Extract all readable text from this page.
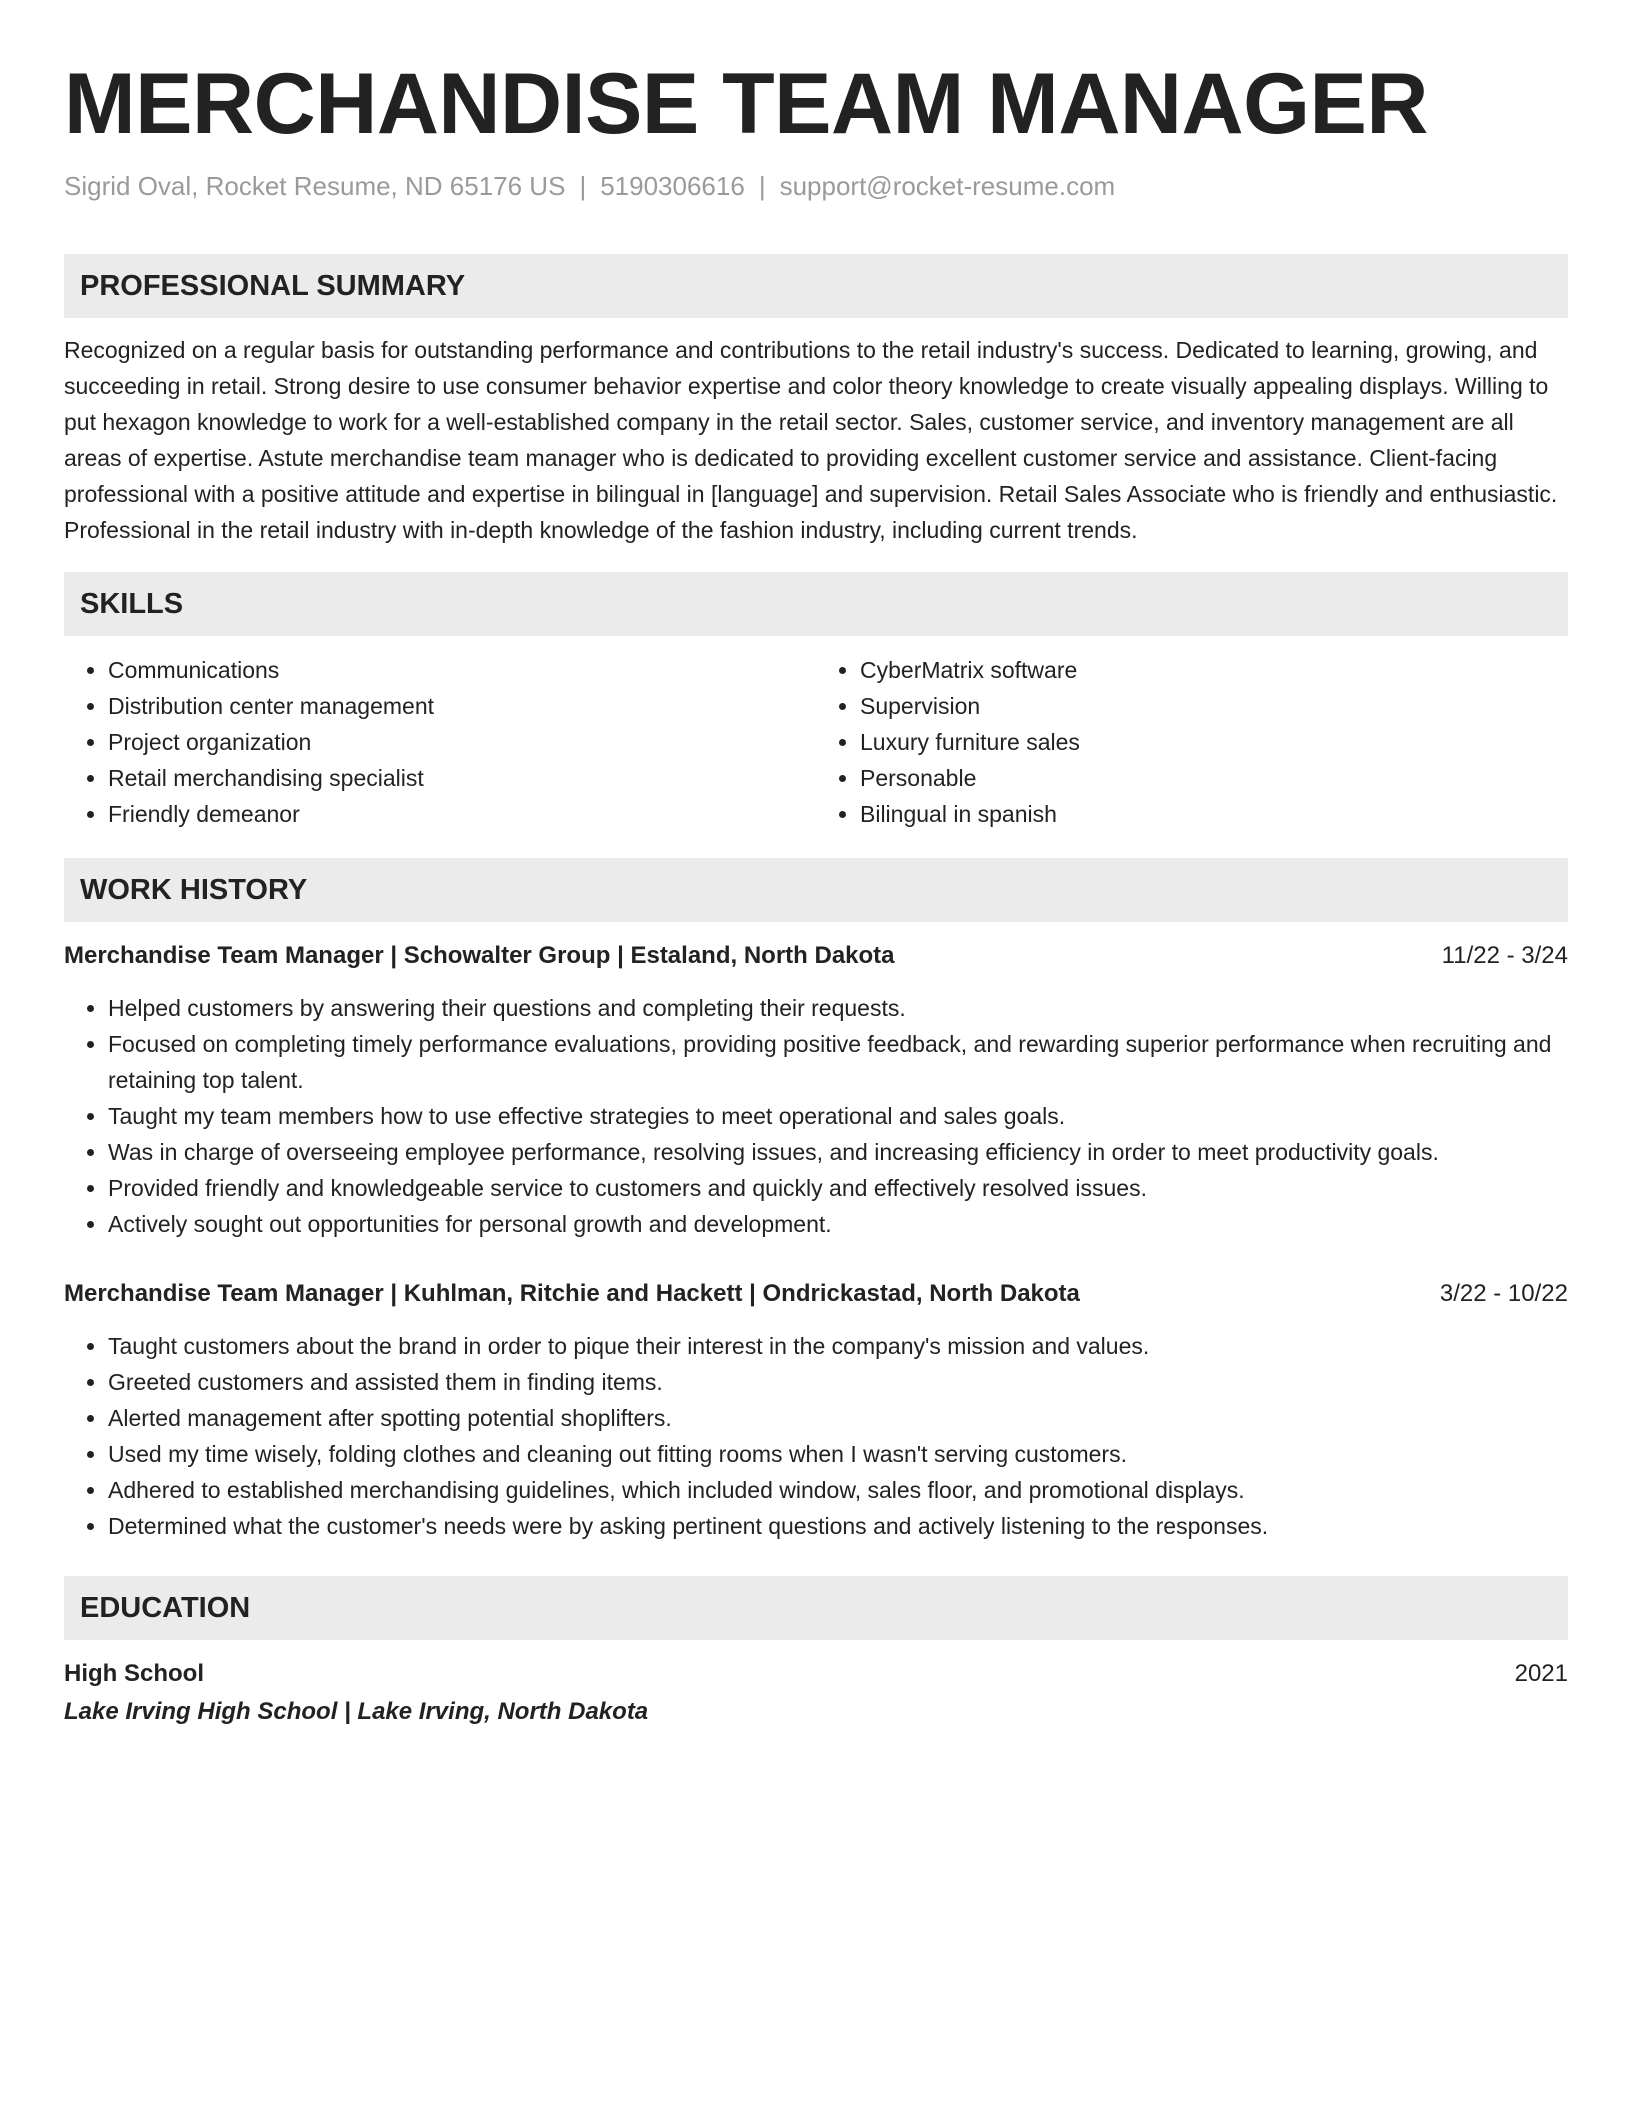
MERCHANDISE TEAM MANAGER
Sigrid Oval, Rocket Resume, ND 65176 US | 5190306616 | support@rocket-resume.com
PROFESSIONAL SUMMARY

Recognized on a regular basis for outstanding performance and contributions to the retail industry's success. Dedicated to learning, growing, and succeeding in retail. Strong desire to use consumer behavior expertise and color theory knowledge to create visually appealing displays. Willing to put hexagon knowledge to work for a well-established company in the retail sector. Sales, customer service, and inventory management are all areas of expertise. Astute merchandise team manager who is dedicated to providing excellent customer service and assistance. Client-facing professional with a positive attitude and expertise in bilingual in [language] and supervision. Retail Sales Associate who is friendly and enthusiastic. Professional in the retail industry with in-depth knowledge of the fashion industry, including current trends.

SKILLS
• Communications
• Distribution center management
• Project organization
• Retail merchandising specialist
• Friendly demeanor
• CyberMatrix software
• Supervision
• Luxury furniture sales
• Personable
• Bilingual in spanish
WORK HISTORY
Merchandise Team Manager | Schowalter Group | Estaland, North Dakota	11/22 - 3/24
• Helped customers by answering their questions and completing their requests.
• Focused on completing timely performance evaluations, providing positive feedback, and rewarding superior performance when recruiting and retaining top talent.
• Taught my team members how to use effective strategies to meet operational and sales goals.
• Was in charge of overseeing employee performance, resolving issues, and increasing efficiency in order to meet productivity goals.
• Provided friendly and knowledgeable service to customers and quickly and effectively resolved issues.
• Actively sought out opportunities for personal growth and development.
Merchandise Team Manager | Kuhlman, Ritchie and Hackett | Ondrickastad, North Dakota	3/22 - 10/22
• Taught customers about the brand in order to pique their interest in the company's mission and values.
• Greeted customers and assisted them in finding items.
• Alerted management after spotting potential shoplifters.
• Used my time wisely, folding clothes and cleaning out fitting rooms when I wasn't serving customers.
• Adhered to established merchandising guidelines, which included window, sales floor, and promotional displays.
• Determined what the customer's needs were by asking pertinent questions and actively listening to the responses.
EDUCATION
High School	2021
Lake Irving High School | Lake Irving, North Dakota
